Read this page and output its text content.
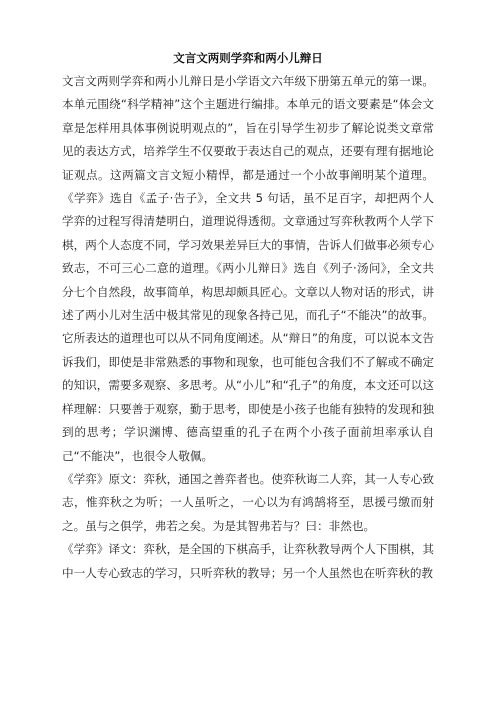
文言文两则学弈和两小儿辩日

文言文两则学弈和两小儿辩日是小学语文六年级下册第五单元的第一课。本单元围绕“科学精神”这个主题进行编排。本单元的语文要素是“体会文章是怎样用具体事例说明观点的”，旨在引导学生初步了解论说类文章常见的表达方式，培养学生不仅要敢于表达自己的观点，还要有理有据地论证观点。这两篇文言文短小精悍，都是通过一个小故事阐明某个道理。《学弈》选自《孟子·告子》，全文共 5 句话，虽不足百字，却把两个人学弈的过程写得清楚明白，道理说得透彻。文章通过写弈秋教两个人学下棋，两个人态度不同，学习效果差异巨大的事情，告诉人们做事必须专心致志，不可三心二意的道理。《两小儿辩日》选自《列子·汤问》，全文共分七个自然段，故事简单，构思却颇具匠心。文章以人物对话的形式，讲述了两小儿对生活中极其常见的现象各持己见，而孔子“不能决”的故事。它所表达的道理也可以从不同角度阐述。从“辩日”的角度，可以说本文告诉我们，即使是非常熟悉的事物和现象，也可能包含我们不了解或不确定的知识，需要多观察、多思考。从“小儿”和“孔子”的角度，本文还可以这样理解：只要善于观察，勤于思考，即使是小孩子也能有独特的发现和独到的思考；学识渊博、德高望重的孔子在两个小孩子面前坦率承认自己“不能决”，也很令人敬佩。

《学弈》原文：弈秋，通国之善弈者也。使弈秋诲二人弈，其一人专心致志，惟弈秋之为听；一人虽听之，一心以为有鸿鹄将至，思援弓缴而射之。虽与之俱学，弗若之矣。为是其智弗若与？曰：非然也。

《学弈》译文：弈秋，是全国的下棋高手，让弈秋教导两个人下围棋，其中一人专心致志的学习，只听弈秋的教导；另一个人虽然也在听弈秋的教
